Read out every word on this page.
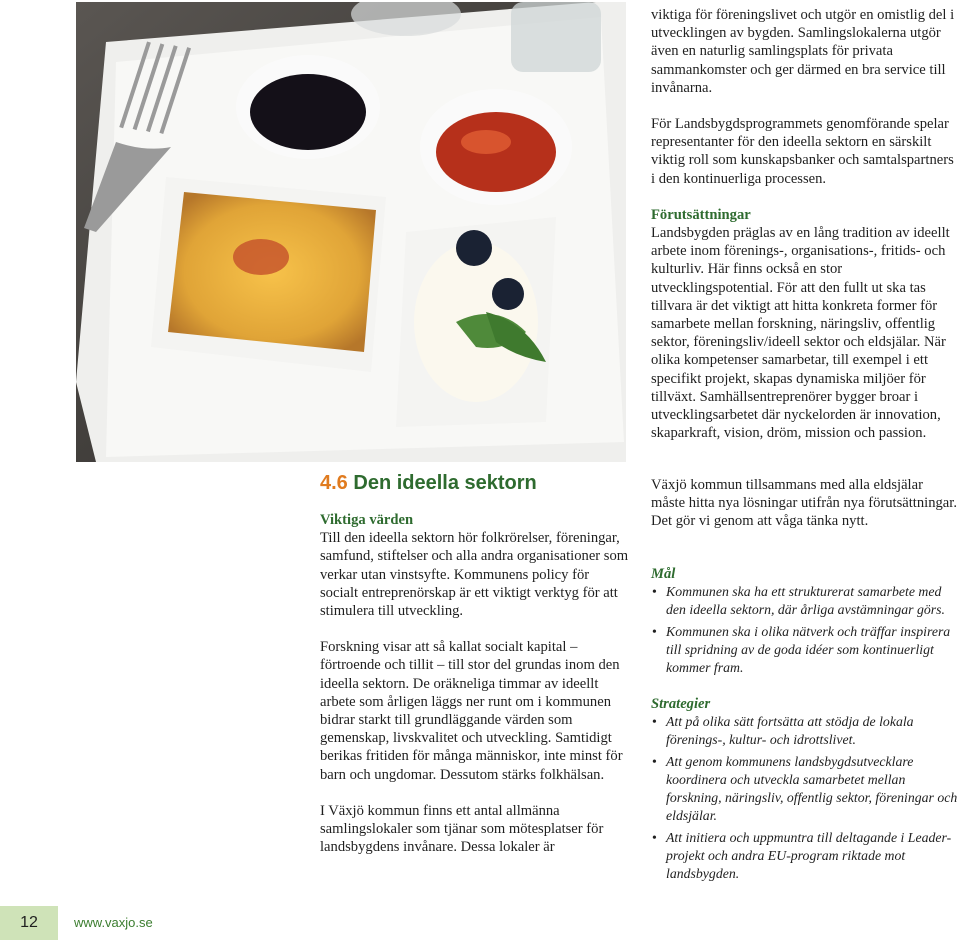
viktiga för föreningslivet och utgör en omistlig del i utvecklingen av bygden. Samlingslokalerna utgör även en naturlig samlingsplats för privata sammankomster och ger därmed en bra service till invånarna.

För Landsbygdsprogrammets genomförande spelar representanter för den ideella sektorn en särskilt viktig roll som kunskapsbanker och samtalspartners i den kontinuerliga processen.

Förutsättningar

Landsbygden präglas av en lång tradition av ideellt arbete inom förenings-, organisations-, fritids- och kulturliv. Här finns också en stor utvecklingspotential. För att den fullt ut ska tas tillvara är det viktigt att hitta konkreta former för samarbete mellan forskning, näringsliv, offentlig sektor, föreningsliv/ideell sektor och eldsjälar. När olika kompetenser samarbetar, till exempel i ett specifikt projekt, skapas dynamiska miljöer för tillväxt. Samhällsentreprenörer bygger broar i utvecklingsarbetet där nyckelorden är innovation, skaparkraft, vision, dröm, mission och passion.

Växjö kommun tillsammans med alla eldsjälar måste hitta nya lösningar utifrån nya förutsättningar. Det gör vi genom att våga tänka nytt.

Mål

• Kommunen ska ha ett strukturerat samarbete med den ideella sektorn, där årliga avstämningar görs.
• Kommunen ska i olika nätverk och träffar inspirera till spridning av de goda idéer som kontinuerligt kommer fram.

Strategier

• Att på olika sätt fortsätta att stödja de lokala förenings-, kultur- och idrottslivet.
• Att genom kommunens landsbygdsutvecklare koordinera och utveckla samarbetet mellan forskning, näringsliv, offentlig sektor, föreningar och eldsjälar.
• Att initiera och uppmuntra till deltagande i Leader-projekt och andra EU-program riktade mot landsbygden.

4.6 Den ideella sektorn

Viktiga värden

Till den ideella sektorn hör folkrörelser, föreningar, samfund, stiftelser och alla andra organisationer som verkar utan vinstsyfte. Kommunens policy för socialt entreprenörskap är ett viktigt verktyg för att stimulera till utveckling.

Forskning visar att så kallat socialt kapital – förtroende och tillit – till stor del grundas inom den ideella sektorn. De oräkneliga timmar av ideellt arbete som årligen läggs ner runt om i kommunen bidrar starkt till grundläggande värden som gemenskap, livskvalitet och utveckling. Samtidigt berikas fritiden för många människor, inte minst för barn och ungdomar. Dessutom stärks folkhälsan.

I Växjö kommun finns ett antal allmänna samlingslokaler som tjänar som mötesplatser för landsbygdens invånare. Dessa lokaler är

12	www.vaxjo.se
